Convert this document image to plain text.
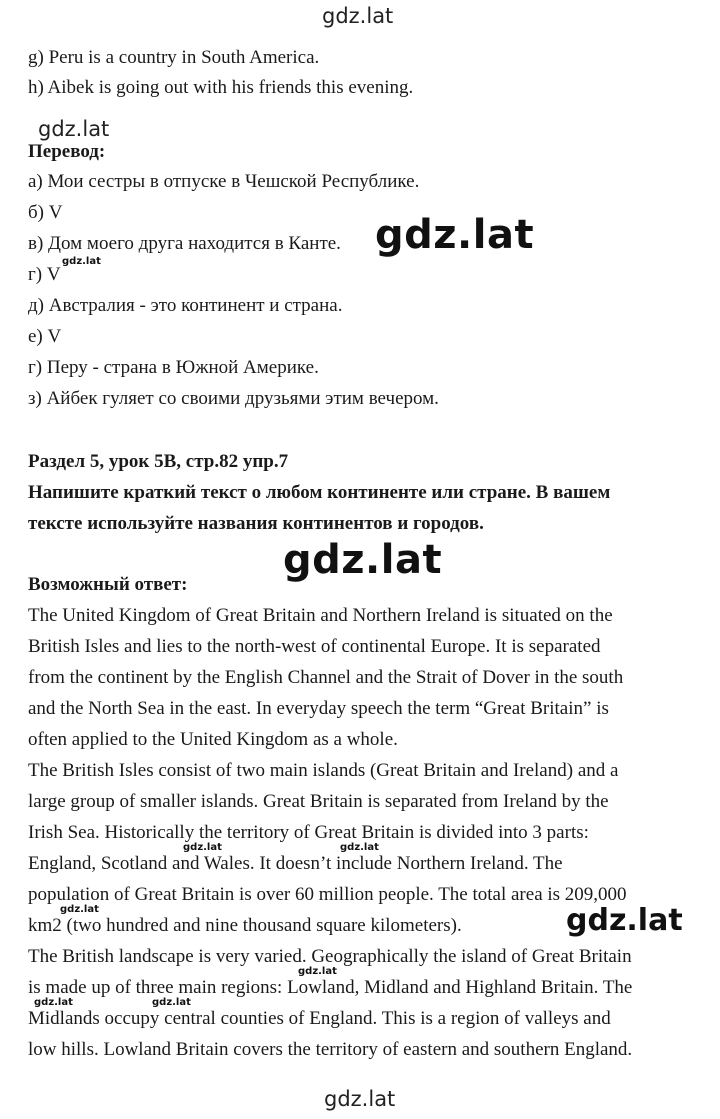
gdz.lat
g) Peru is a country in South America.
h) Aibek is going out with his friends this evening.
gdz.lat
Перевод:
а) Мои сестры в отпуске в Чешской Республике.
б) V
в) Дом моего друга находится в Канте.
г) V
д) Австралия - это континент и страна.
е) V
г) Перу - страна в Южной Америке.
з) Айбек гуляет со своими друзьями этим вечером.
gdz.lat
gdz.lat
Раздел 5, урок 5B, стр.82 упр.7
Напишите краткий текст о любом континенте или стране. В вашем
тексте используйте названия континентов и городов.
gdz.lat
Возможный ответ:
The United Kingdom of Great Britain and Northern Ireland is situated on the
British Isles and lies to the north-west of continental Europe. It is separated
from the continent by the English Channel and the Strait of Dover in the south
and the North Sea in the east. In everyday speech the term “Great Britain” is
often applied to the United Kingdom as a whole.
The British Isles consist of two main islands (Great Britain and Ireland) and a
large group of smaller islands. Great Britain is separated from Ireland by the
Irish Sea. Historically the territory of Great Britain is divided into 3 parts:
England, Scotland and Wales. It doesn’t include Northern Ireland. The
population of Great Britain is over 60 million people. The total area is 209,000
km2 (two hundred and nine thousand square kilometers).
The British landscape is very varied. Geographically the island of Great Britain
is made up of three main regions: Lowland, Midland and Highland Britain. The
Midlands occupy central counties of England. This is a region of valleys and
low hills. Lowland Britain covers the territory of eastern and southern England.
gdz.lat	gdz.lat
gdz.lat	gdz.lat
gdz.lat
gdz.lat	gdz.lat
gdz.lat
